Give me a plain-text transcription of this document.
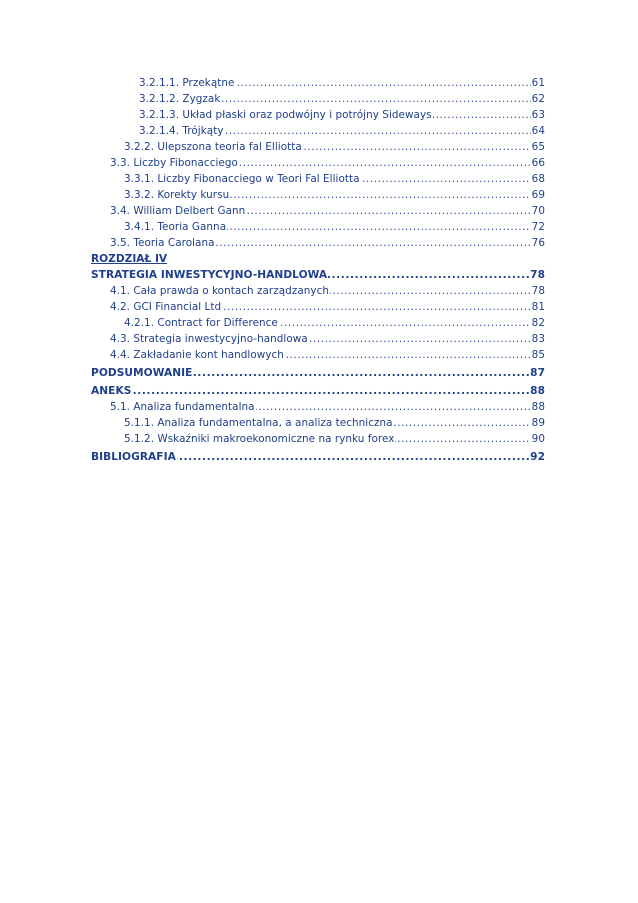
.....
3.2.1.1. Przekątne	61
.....
3.2.1.2. Zygzak	62
.....
3.2.1.3. Układ płaski oraz podwójny i potrójny Sideways	63
.....
3.2.1.4. Trójkąty	64
.....
3.2.2. Ulepszona teoria fal Elliotta	65
.....
3.3. Liczby Fibonacciego	66
.....
3.3.1. Liczby Fibonacciego w Teori Fal Elliotta	68
.....
3.3.2. Korekty kursu	69
.....
3.4. William Delbert Gann	70
.....
3.4.1. Teoria Ganna	72
.....
3.5. Teoria Carolana	76
ROZDZIAŁ IV
.....
STRATEGIA INWESTYCYJNO-HANDLOWA	78
.....
4.1. Cała prawda o kontach zarządzanych	78
.....
4.2. GCI Financial Ltd	81
.....
4.2.1. Contract for Difference	82
.....
4.3. Strategia inwestycyjno-handlowa	83
.....
4.4. Zakładanie kont handlowych	85
.....
PODSUMOWANIE	87
.....
ANEKS	88
.....
5.1. Analiza fundamentalna	88
.....
5.1.1. Analiza fundamentalna, a analiza techniczna	89
.....
5.1.2. Wskaźniki makroekonomiczne na rynku forex	90
.....
BIBLIOGRAFIA	92
